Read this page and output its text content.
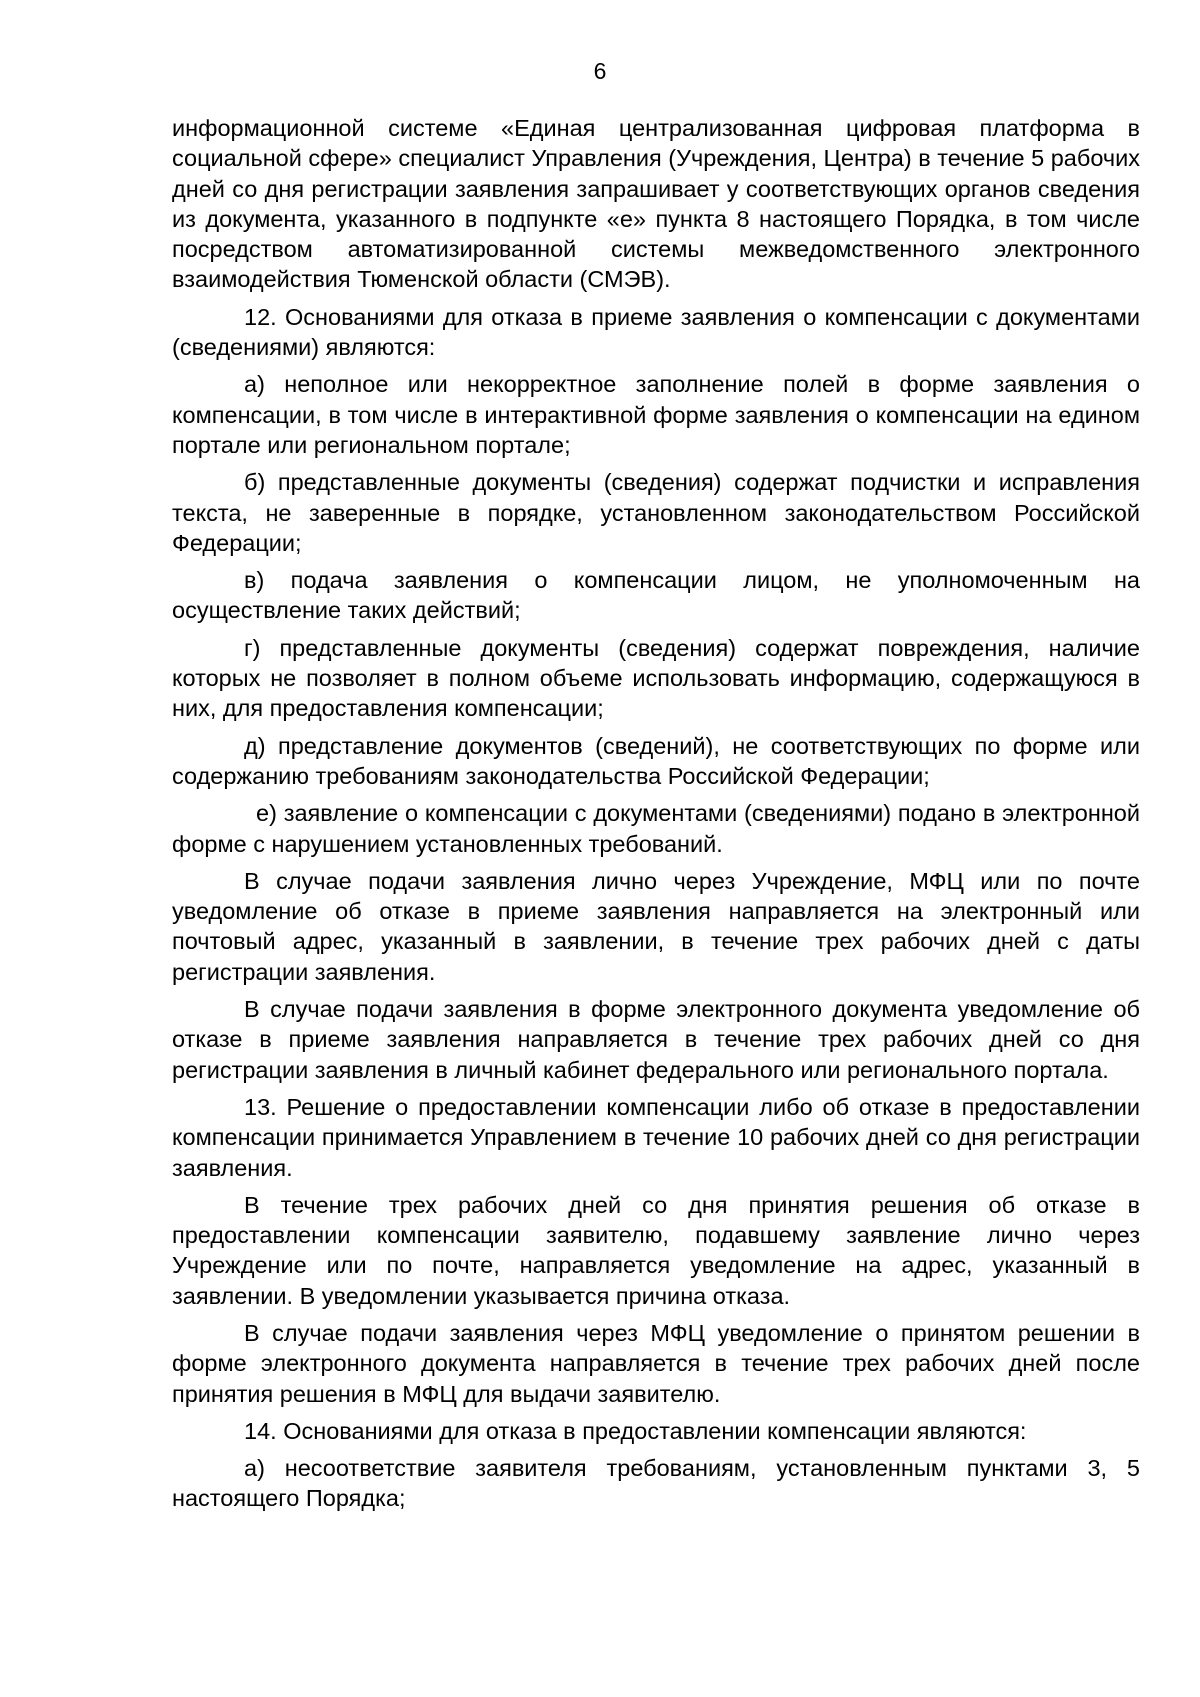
6

информационной системе «Единая централизованная цифровая платформа в социальной сфере» специалист Управления (Учреждения, Центра) в течение 5 рабочих дней со дня регистрации заявления запрашивает у соответствующих органов сведения из документа, указанного в подпункте «е» пункта 8 настоящего Порядка, в том числе посредством автоматизированной системы межведомственного электронного взаимодействия Тюменской области (СМЭВ).

12. Основаниями для отказа в приеме заявления о компенсации с документами (сведениями) являются:

а) неполное или некорректное заполнение полей в форме заявления о компенсации, в том числе в интерактивной форме заявления о компенсации на едином портале или региональном портале;

б) представленные документы (сведения) содержат подчистки и исправления текста, не заверенные в порядке, установленном законодательством Российской Федерации;

в) подача заявления о компенсации лицом, не уполномоченным на осуществление таких действий;

г) представленные документы (сведения) содержат повреждения, наличие которых не позволяет в полном объеме использовать информацию, содержащуюся в них, для предоставления компенсации;

д) представление документов (сведений), не соответствующих по форме или содержанию требованиям законодательства Российской Федерации;

е) заявление о компенсации с документами (сведениями) подано в электронной форме с нарушением установленных требований.

В случае подачи заявления лично через Учреждение, МФЦ или по почте уведомление об отказе в приеме заявления направляется на электронный или почтовый адрес, указанный в заявлении, в течение трех рабочих дней с даты регистрации заявления.

В случае подачи заявления в форме электронного документа уведомление об отказе в приеме заявления направляется в течение трех рабочих дней со дня регистрации заявления в личный кабинет федерального или регионального портала.

13. Решение о предоставлении компенсации либо об отказе в предоставлении компенсации принимается Управлением в течение 10 рабочих дней со дня регистрации заявления.

В течение трех рабочих дней со дня принятия решения об отказе в предоставлении компенсации заявителю, подавшему заявление лично через Учреждение или по почте, направляется уведомление на адрес, указанный в заявлении. В уведомлении указывается причина отказа.

В случае подачи заявления через МФЦ уведомление о принятом решении в форме электронного документа направляется в течение трех рабочих дней после принятия решения в МФЦ для выдачи заявителю.

14. Основаниями для отказа в предоставлении компенсации являются:

а) несоответствие заявителя требованиям, установленным пунктами 3, 5 настоящего Порядка;
